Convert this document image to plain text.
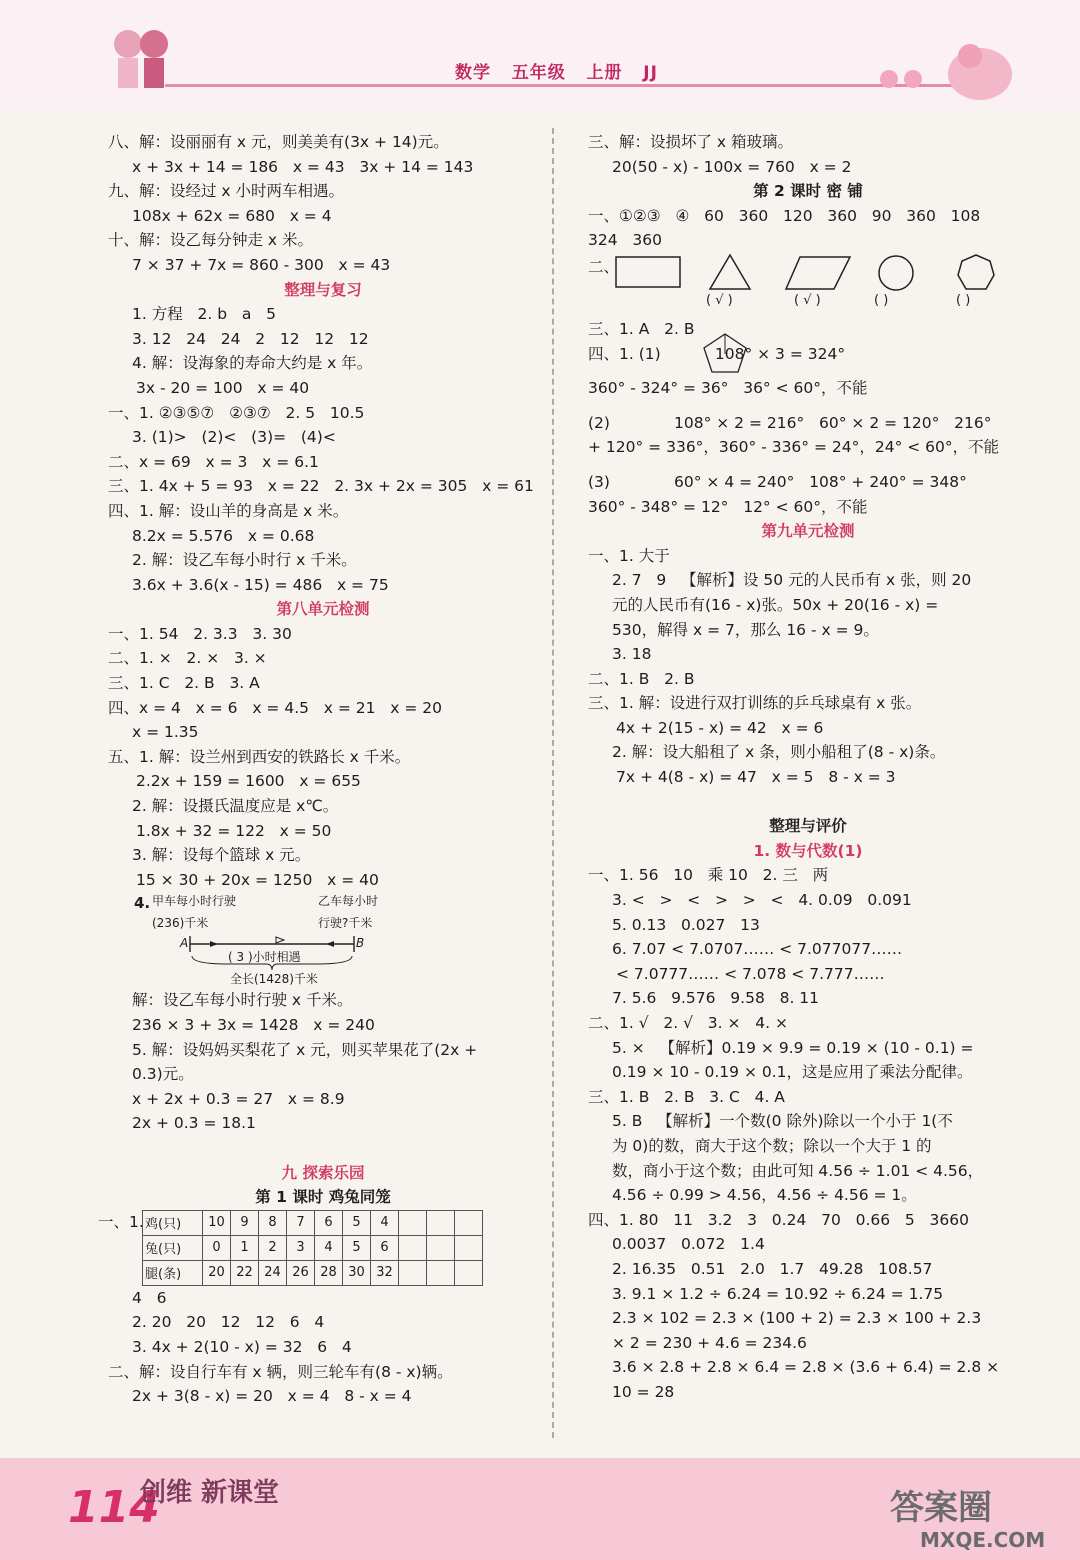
数学   五年级   上册   JJ
八、解：设丽丽有 x 元，则美美有(3x + 14)元。
x + 3x + 14 = 186   x = 43   3x + 14 = 143
九、解：设经过 x 小时两车相遇。
108x + 62x = 680   x = 4
十、解：设乙每分钟走 x 米。
7 × 37 + 7x = 860 - 300   x = 43
整理与复习
1. 方程   2. b   a   5
3. 12   24   24   2   12   12   12
4. 解：设海象的寿命大约是 x 年。
3x - 20 = 100   x = 40
一、1. ②③⑤⑦   ②③⑦   2. 5   10.5
3. (1)>   (2)<   (3)=   (4)<
二、x = 69   x = 3   x = 6.1
三、1. 4x + 5 = 93   x = 22   2. 3x + 2x = 305   x = 61
四、1. 解：设山羊的身高是 x 米。
8.2x = 5.576   x = 0.68
2. 解：设乙车每小时行 x 千米。
3.6x + 3.6(x - 15) = 486   x = 75
第八单元检测
一、1. 54   2. 3.3   3. 30
二、1. ×   2. ×   3. ×
三、1. C   2. B   3. A
四、x = 4   x = 6   x = 4.5   x = 21   x = 20
x = 1.35
五、1. 解：设兰州到西安的铁路长 x 千米。
2.2x + 159 = 1600   x = 655
2. 解：设摄氏温度应是 x℃。
1.8x + 32 = 122   x = 50
3. 解：设每个篮球 x 元。
15 × 30 + 20x = 1250   x = 40
4. 甲车每小时行驶
(236)千米
乙车每小时
行驶?千米
A	B
( 3 )小时相遇
全长(1428)千米
解：设乙车每小时行驶 x 千米。
236 × 3 + 3x = 1428   x = 240
5. 解：设妈妈买梨花了 x 元，则买苹果花了(2x +
0.3)元。
x + 2x + 0.3 = 27   x = 8.9
2x + 0.3 = 18.1
九 探索乐园
第 1 课时 鸡兔同笼
一、1. 鸡(只)	10	9	8	7	6	5	4			
兔(只)	0	1	2	3	4	5	6			
腿(条)	20	22	24	26	28	30	32			
4   6
2. 20   20   12   12   6   4
3. 4x + 2(10 - x) = 32   6   4
二、解：设自行车有 x 辆，则三轮车有(8 - x)辆。
2x + 3(8 - x) = 20   x = 4   8 - x = 4
三、解：设损坏了 x 箱玻璃。
20(50 - x) - 100x = 760   x = 2
第 2 课时 密 铺
一、①②③   ④   60   360   120   360   90   360   108
324   360
二、
( √ )	( √ )	( )	( )
三、1. A   2. B
四、1. (1)           108° × 3 = 324°
360° - 324° = 36°   36° < 60°，不能
(2)             108° × 2 = 216°   60° × 2 = 120°   216°
+ 120° = 336°，360° - 336° = 24°，24° < 60°，不能
(3)             60° × 4 = 240°   108° + 240° = 348°
360° - 348° = 12°   12° < 60°，不能
第九单元检测
一、1. 大于
2. 7   9   【解析】设 50 元的人民币有 x 张，则 20
元的人民币有(16 - x)张。50x + 20(16 - x) =
530，解得 x = 7，那么 16 - x = 9。
3. 18
二、1. B   2. B
三、1. 解：设进行双打训练的乒乓球桌有 x 张。
4x + 2(15 - x) = 42   x = 6
2. 解：设大船租了 x 条，则小船租了(8 - x)条。
7x + 4(8 - x) = 47   x = 5   8 - x = 3
整理与评价
1. 数与代数(1)
一、1. 56   10   乘 10   2. 三   两
3. <   >   <   >   >   <   4. 0.09   0.091
5. 0.13   0.027   13
6. 7.07 < 7.0707…… < 7.077077……
< 7.0777…… < 7.078 < 7.777……
7. 5.6   9.576   9.58   8. 11
二、1. √   2. √   3. ×   4. ×
5. ×   【解析】0.19 × 9.9 = 0.19 × (10 - 0.1) =
0.19 × 10 - 0.19 × 0.1，这是应用了乘法分配律。
三、1. B   2. B   3. C   4. A
5. B   【解析】一个数(0 除外)除以一个小于 1(不
为 0)的数，商大于这个数；除以一个大于 1 的
数，商小于这个数；由此可知 4.56 ÷ 1.01 < 4.56，
4.56 ÷ 0.99 > 4.56，4.56 ÷ 4.56 = 1。
四、1. 80   11   3.2   3   0.24   70   0.66   5   3660
0.0037   0.072   1.4
2. 16.35   0.51   2.0   1.7   49.28   108.57
3. 9.1 × 1.2 ÷ 6.24 = 10.92 ÷ 6.24 = 1.75
2.3 × 102 = 2.3 × (100 + 2) = 2.3 × 100 + 2.3
× 2 = 230 + 4.6 = 234.6
3.6 × 2.8 + 2.8 × 6.4 = 2.8 × (3.6 + 6.4) = 2.8 ×
10 = 28
114
创维 新课堂	答案圈
MXQE.COM
